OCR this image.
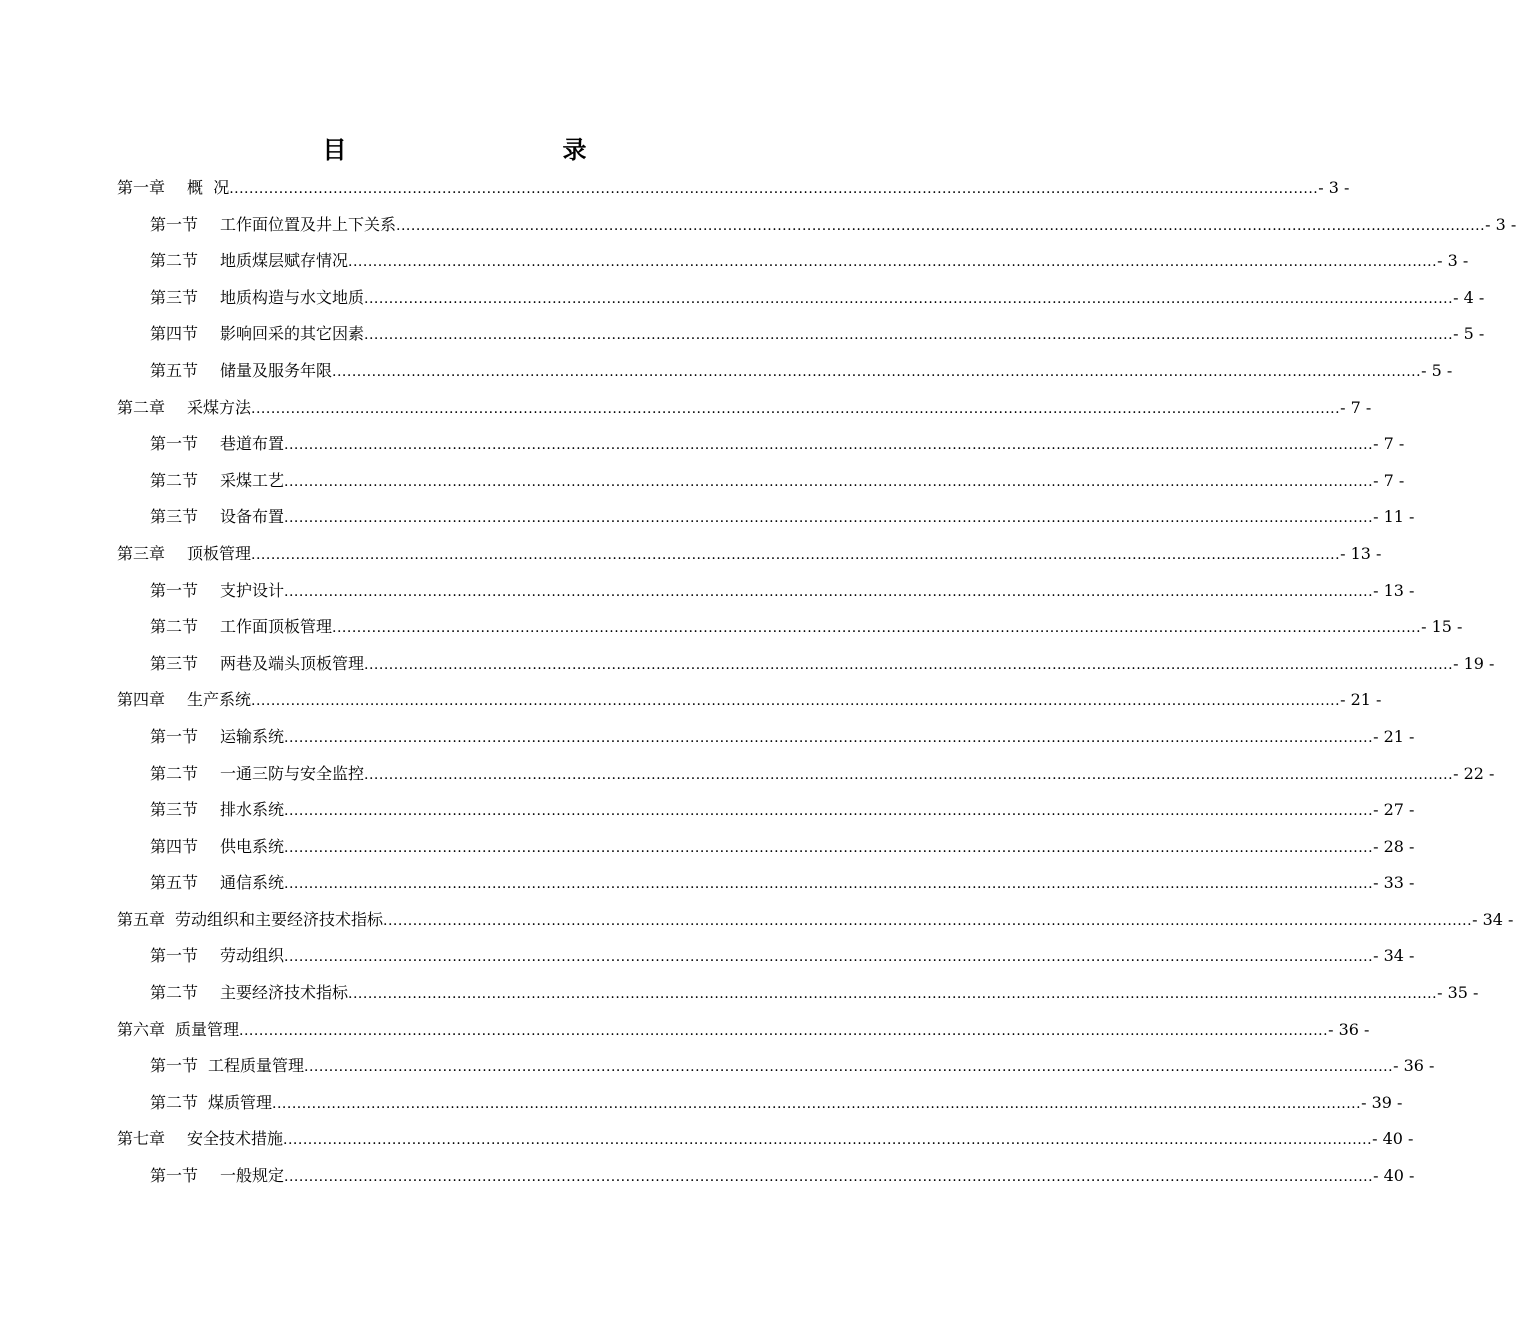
目　　录
第一章 概  况 ............................................................................................................................................................................................................................ - 3 -
第一节 工作面位置及井上下关系 ............................................................................................................................................................................................................................ - 3 -
第二节 地质煤层赋存情况 ............................................................................................................................................................................................................................ - 3 -
第三节 地质构造与水文地质 ............................................................................................................................................................................................................................ - 4 -
第四节 影响回采的其它因素 ............................................................................................................................................................................................................................ - 5 -
第五节 储量及服务年限 ............................................................................................................................................................................................................................ - 5 -
第二章 采煤方法 ............................................................................................................................................................................................................................ - 7 -
第一节 巷道布置 ............................................................................................................................................................................................................................ - 7 -
第二节 采煤工艺 ............................................................................................................................................................................................................................ - 7 -
第三节 设备布置 ............................................................................................................................................................................................................................ - 11 -
第三章 顶板管理 ............................................................................................................................................................................................................................ - 13 -
第一节 支护设计 ............................................................................................................................................................................................................................ - 13 -
第二节 工作面顶板管理 ............................................................................................................................................................................................................................ - 15 -
第三节 两巷及端头顶板管理 ............................................................................................................................................................................................................................ - 19 -
第四章 生产系统 ............................................................................................................................................................................................................................ - 21 -
第一节 运输系统 ............................................................................................................................................................................................................................ - 21 -
第二节 一通三防与安全监控 ............................................................................................................................................................................................................................ - 22 -
第三节 排水系统 ............................................................................................................................................................................................................................ - 27 -
第四节 供电系统 ............................................................................................................................................................................................................................ - 28 -
第五节 通信系统 ............................................................................................................................................................................................................................ - 33 -
第五章 劳动组织和主要经济技术指标 ............................................................................................................................................................................................................................ - 34 -
第一节 劳动组织 ............................................................................................................................................................................................................................ - 34 -
第二节 主要经济技术指标 ............................................................................................................................................................................................................................ - 35 -
第六章 质量管理 ............................................................................................................................................................................................................................ - 36 -
第一节 工程质量管理 ............................................................................................................................................................................................................................ - 36 -
第二节 煤质管理 ............................................................................................................................................................................................................................ - 39 -
第七章 安全技术措施 ............................................................................................................................................................................................................................ - 40 -
第一节 一般规定 ............................................................................................................................................................................................................................ - 40 -
